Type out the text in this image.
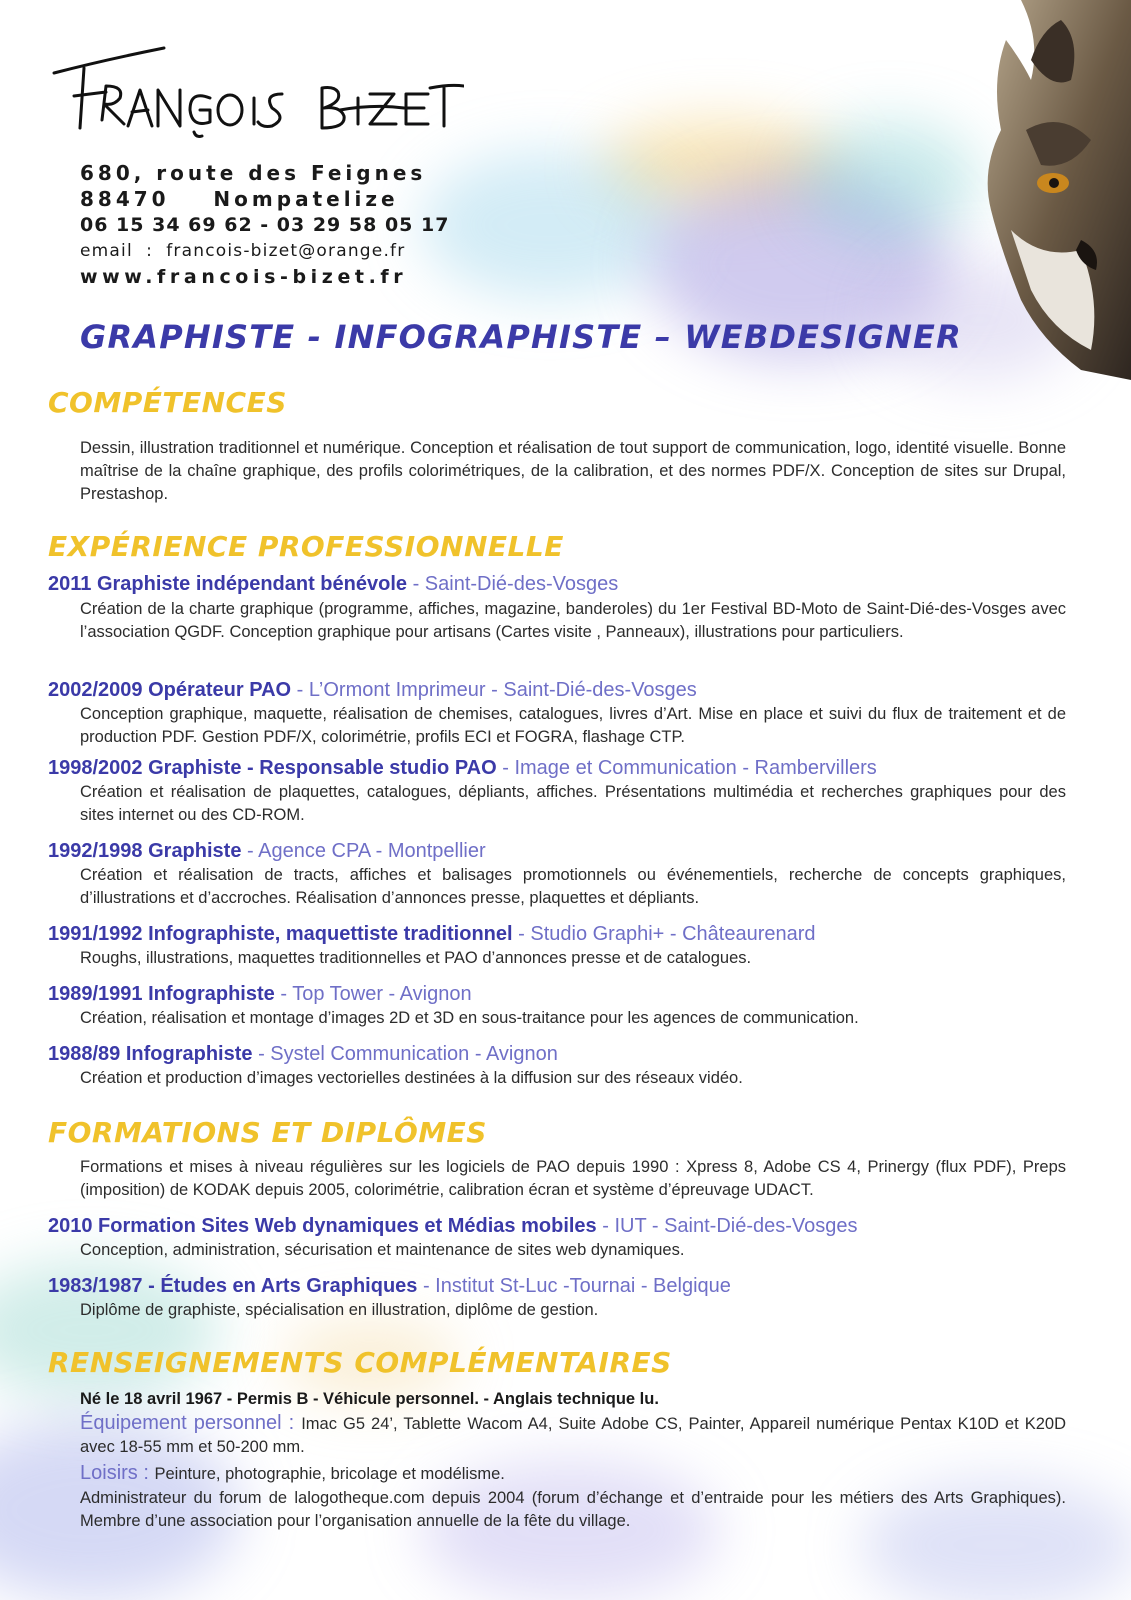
680, route des Feignes
88470    Nompatelize
06 15 34 69 62 - 03 29 58 05 17
email  :  francois-bizet@orange.fr
www.francois-bizet.fr
GRAPHISTE - INFOGRAPHISTE – WEBDESIGNER
COMPÉTENCES

Dessin, illustration traditionnel et numérique. Conception et réalisation de tout support de communication, logo, identité visuelle. Bonne maîtrise de la chaîne graphique, des profils colorimétriques, de la calibration, et des normes PDF/X. Conception de sites sur Drupal, Prestashop.

EXPÉRIENCE PROFESSIONNELLE
2011 Graphiste indépendant bénévole - Saint-Dié-des-Vosges

Création de la charte graphique (programme, affiches, magazine, banderoles) du 1er Festival BD-Moto de Saint-Dié-des-Vosges avec l’association QGDF. Conception graphique pour artisans (Cartes visite , Panneaux), illustrations pour particuliers.

2002/2009 Opérateur PAO - L’Ormont Imprimeur - Saint-Dié-des-Vosges

Conception graphique, maquette, réalisation de chemises, catalogues, livres d’Art. Mise en place et suivi du flux de traitement et de production PDF. Gestion PDF/X, colorimétrie, profils ECI et FOGRA, flashage CTP.

1998/2002 Graphiste - Responsable studio PAO - Image et Communication - Rambervillers

Création et réalisation de plaquettes, catalogues, dépliants, affiches. Présentations multimédia et recherches graphiques pour des sites internet ou des CD-ROM.

1992/1998 Graphiste - Agence CPA - Montpellier

Création et réalisation de tracts, affiches et balisages promotionnels ou événementiels, recherche de concepts graphiques, d’illustrations et d’accroches. Réalisation d’annonces presse, plaquettes et dépliants.

1991/1992 Infographiste, maquettiste traditionnel - Studio Graphi+ - Châteaurenard

Roughs, illustrations, maquettes traditionnelles et PAO d’annonces presse et de catalogues.

1989/1991 Infographiste - Top Tower - Avignon

Création, réalisation et montage d’images 2D et 3D en sous-traitance pour les agences de communication.

1988/89 Infographiste - Systel Communication - Avignon

Création et production d’images vectorielles destinées à la diffusion sur des réseaux vidéo.

FORMATIONS ET DIPLÔMES

Formations et mises à niveau régulières sur les logiciels de PAO depuis 1990 : Xpress 8, Adobe CS 4, Prinergy (flux PDF), Preps (imposition) de KODAK depuis 2005, colorimétrie, calibration écran et système d’épreuvage UDACT.

2010 Formation Sites Web dynamiques et Médias mobiles - IUT - Saint-Dié-des-Vosges

Conception, administration, sécurisation et maintenance de sites web dynamiques.

1983/1987 - Études en Arts Graphiques - Institut St-Luc -Tournai - Belgique

Diplôme de graphiste, spécialisation en illustration, diplôme de gestion.

RENSEIGNEMENTS COMPLÉMENTAIRES

Né le 18 avril 1967 - Permis B - Véhicule personnel. - Anglais technique lu.

Équipement personnel : Imac G5 24’, Tablette Wacom A4, Suite Adobe CS, Painter, Appareil numérique Pentax K10D et K20D avec 18-55 mm et 50-200 mm.

Loisirs : Peinture, photographie, bricolage et modélisme.

Administrateur du forum de lalogotheque.com depuis 2004 (forum d’échange et d’entraide pour les métiers des Arts Graphiques). Membre d’une association pour l’organisation annuelle de la fête du village.
